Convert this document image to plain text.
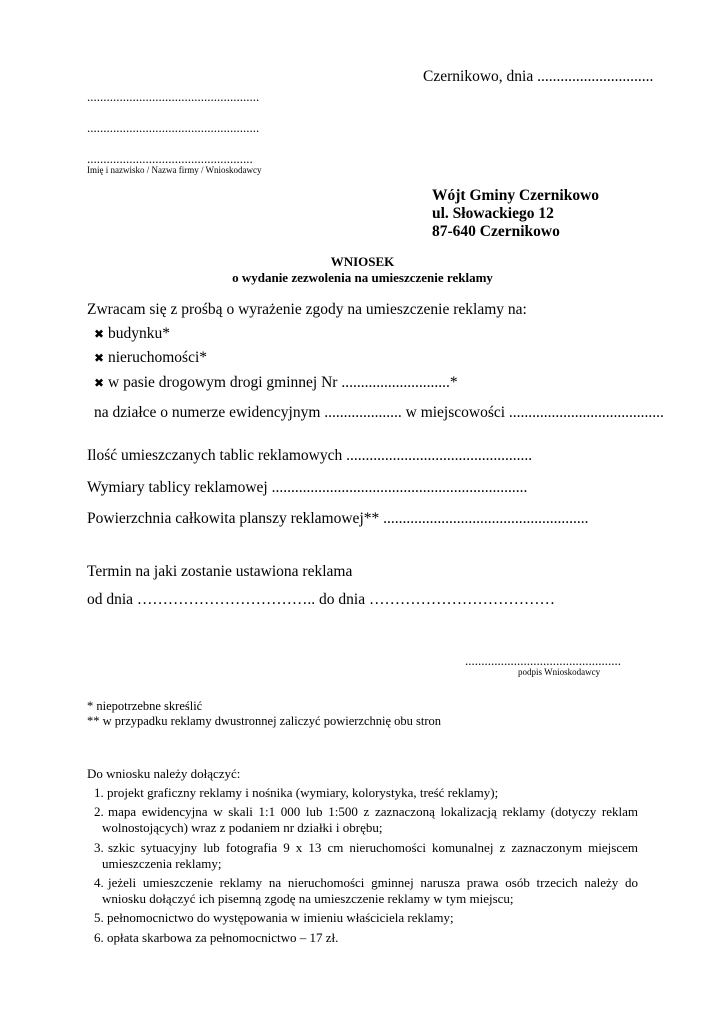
Czernikowo, dnia ..............................
.....................................................
.....................................................
...................................................
Imię i nazwisko / Nazwa firmy / Wnioskodawcy
Wójt Gminy Czernikowo
ul. Słowackiego 12
87-640 Czernikowo
WNIOSEK
o wydanie zezwolenia na umieszczenie reklamy
Zwracam się z prośbą o wyrażenie zgody na umieszczenie reklamy na:
✖ budynku*
✖ nieruchomości*
✖ w pasie drogowym drogi gminnej Nr ............................*
na działce o numerze ewidencyjnym .................... w miejscowości ........................................
Ilość umieszczanych tablic reklamowych ................................................
Wymiary tablicy reklamowej ..................................................................
Powierzchnia całkowita planszy reklamowej** .....................................................
Termin na jaki zostanie ustawiona reklama
od dnia …………………………….. do dnia ………………………………
................................................
podpis Wnioskodawcy
* niepotrzebne skreślić
** w przypadku reklamy dwustronnej zaliczyć powierzchnię obu stron
Do wniosku należy dołączyć:
1. projekt graficzny reklamy i nośnika (wymiary, kolorystyka, treść reklamy);
2. mapa ewidencyjna w skali 1:1 000 lub 1:500 z zaznaczoną lokalizacją reklamy (dotyczy reklam
wolnostojących) wraz z podaniem nr działki i obrębu;
3. szkic sytuacyjny lub fotografia 9 x 13 cm nieruchomości komunalnej z zaznaczonym miejscem
umieszczenia reklamy;
4. jeżeli umieszczenie reklamy na nieruchomości gminnej narusza prawa osób trzecich należy do
wniosku dołączyć ich pisemną zgodę na umieszczenie reklamy w tym miejscu;
5. pełnomocnictwo do występowania w imieniu właściciela reklamy;
6. opłata skarbowa za pełnomocnictwo – 17 zł.
